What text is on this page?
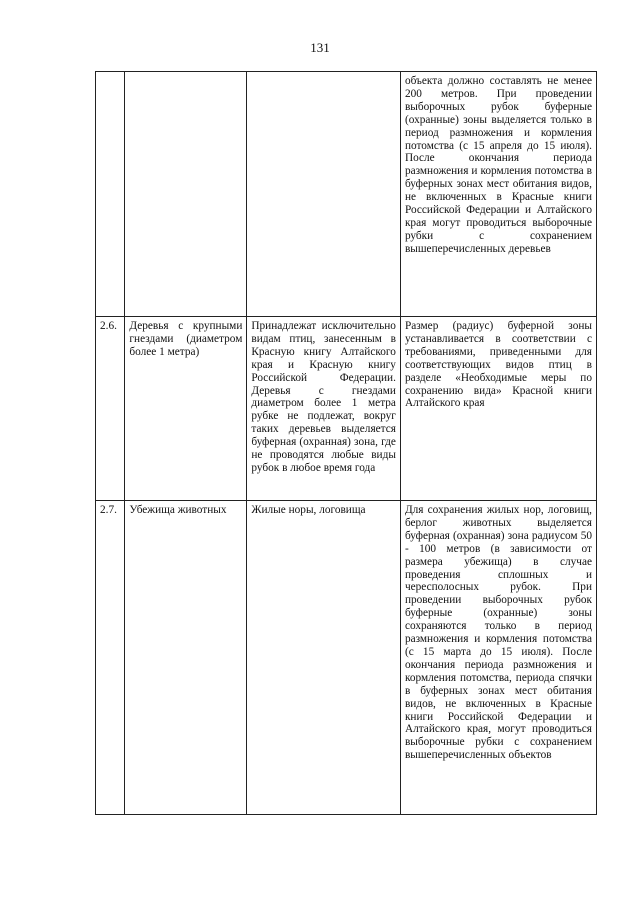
131
			объекта должно составлять не менее 200 метров. При проведении выборочных рубок буферные (охранные) зоны выделяется только в период размножения и кормления потомства (с 15 апреля до 15 июля). После окончания периода размножения и кормления потомства в буферных зонах мест обитания видов, не включенных в Красные книги Российской Федерации и Алтайского края могут проводиться выборочные рубки с сохранением вышеперечисленных деревьев
2.6.	Деревья с крупными гнездами (диаметром более 1 метра)	Принадлежат исключительно видам птиц, занесенным в Красную книгу Алтайского края и Красную книгу Российской Федерации. Деревья с гнездами диаметром более 1 метра рубке не подлежат, вокруг таких деревьев выделяется буферная (охранная) зона, где не проводятся любые виды рубок в любое время года	Размер (радиус) буферной зоны устанавливается в соответствии с требованиями, приведенными для соответствующих видов птиц в разделе «Необходимые меры по сохранению вида» Красной книги Алтайского края
2.7.	Убежища животных	Жилые норы, логовища	Для сохранения жилых нор, логовищ, берлог животных выделяется буферная (охранная) зона радиусом 50 - 100 метров (в зависимости от размера убежища) в случае проведения сплошных и чересполосных рубок. При проведении выборочных рубок буферные (охранные) зоны сохраняются только в период размножения и кормления потомства (с 15 марта до 15 июля). После окончания периода размножения и кормления потомства, периода спячки в буферных зонах мест обитания видов, не включенных в Красные книги Российской Федерации и Алтайского края, могут проводиться выборочные рубки с сохранением вышеперечисленных объектов
